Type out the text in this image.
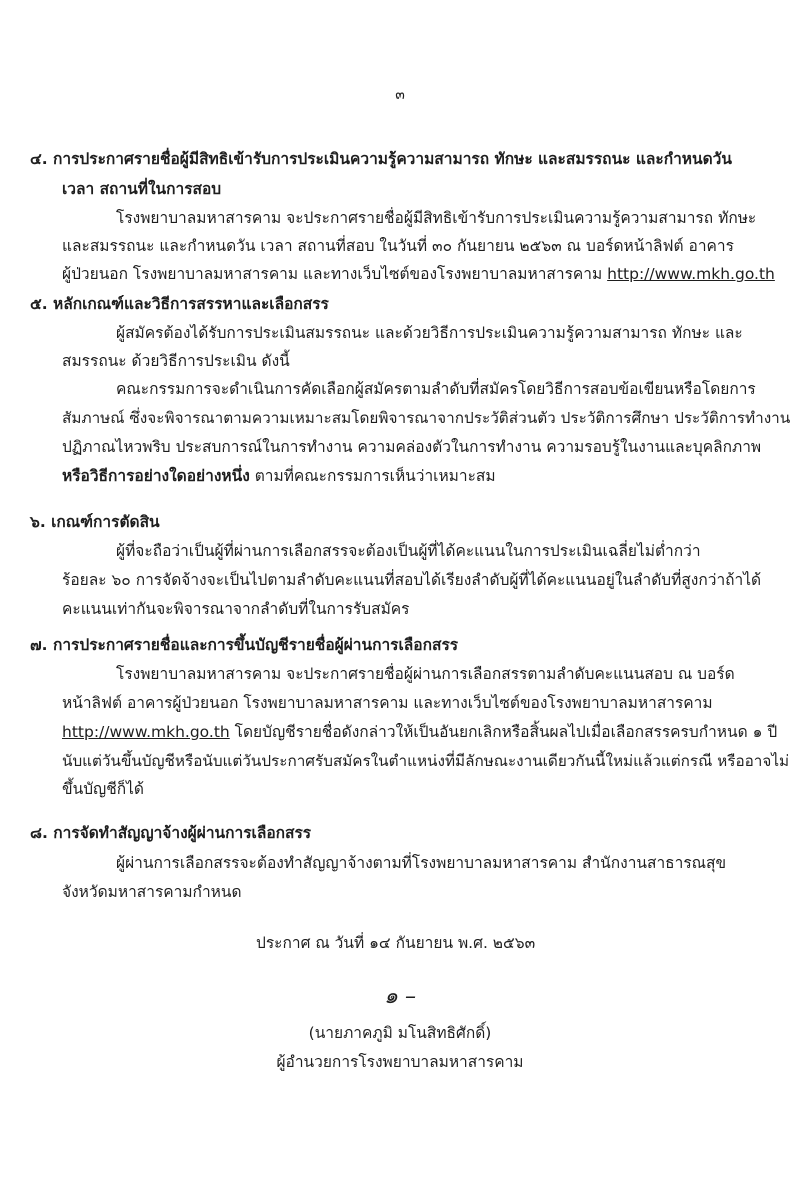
๓
๔. การประกาศรายชื่อผู้มีสิทธิเข้ารับการประเมินความรู้ความสามารถ ทักษะ และสมรรถนะ และกำหนดวัน
เวลา สถานที่ในการสอบ
โรงพยาบาลมหาสารคาม จะประกาศรายชื่อผู้มีสิทธิเข้ารับการประเมินความรู้ความสามารถ ทักษะ
และสมรรถนะ และกำหนดวัน เวลา สถานที่สอบ ในวันที่ ๓๐ กันยายน ๒๕๖๓ ณ บอร์ดหน้าลิฟต์ อาคาร
ผู้ป่วยนอก โรงพยาบาลมหาสารคาม และทางเว็บไซต์ของโรงพยาบาลมหาสารคาม http://www.mkh.go.th
๕. หลักเกณฑ์และวิธีการสรรหาและเลือกสรร
ผู้สมัครต้องได้รับการประเมินสมรรถนะ และด้วยวิธีการประเมินความรู้ความสามารถ ทักษะ และ
สมรรถนะ ด้วยวิธีการประเมิน ดังนี้
คณะกรรมการจะดำเนินการคัดเลือกผู้สมัครตามลำดับที่สมัครโดยวิธีการสอบข้อเขียนหรือโดยการ
สัมภาษณ์ ซึ่งจะพิจารณาตามความเหมาะสมโดยพิจารณาจากประวัติส่วนตัว ประวัติการศึกษา ประวัติการทำงาน
ปฏิภาณไหวพริบ ประสบการณ์ในการทำงาน ความคล่องตัวในการทำงาน ความรอบรู้ในงานและบุคลิกภาพ
หรือวิธีการอย่างใดอย่างหนึ่ง ตามที่คณะกรรมการเห็นว่าเหมาะสม
๖. เกณฑ์การตัดสิน
ผู้ที่จะถือว่าเป็นผู้ที่ผ่านการเลือกสรรจะต้องเป็นผู้ที่ได้คะแนนในการประเมินเฉลี่ยไม่ต่ำกว่า
ร้อยละ ๖๐ การจัดจ้างจะเป็นไปตามลำดับคะแนนที่สอบได้เรียงลำดับผู้ที่ได้คะแนนอยู่ในลำดับที่สูงกว่าถ้าได้
คะแนนเท่ากันจะพิจารณาจากลำดับที่ในการรับสมัคร
๗. การประกาศรายชื่อและการขึ้นบัญชีรายชื่อผู้ผ่านการเลือกสรร
โรงพยาบาลมหาสารคาม จะประกาศรายชื่อผู้ผ่านการเลือกสรรตามลำดับคะแนนสอบ ณ บอร์ด
หน้าลิฟต์ อาคารผู้ป่วยนอก โรงพยาบาลมหาสารคาม และทางเว็บไซต์ของโรงพยาบาลมหาสารคาม
http://www.mkh.go.th โดยบัญชีรายชื่อดังกล่าวให้เป็นอันยกเลิกหรือสิ้นผลไปเมื่อเลือกสรรครบกำหนด ๑ ปี
นับแต่วันขึ้นบัญชีหรือนับแต่วันประกาศรับสมัครในตำแหน่งที่มีลักษณะงานเดียวกันนี้ใหม่แล้วแต่กรณี หรืออาจไม่
ขึ้นบัญชีก็ได้
๘. การจัดทำสัญญาจ้างผู้ผ่านการเลือกสรร
ผู้ผ่านการเลือกสรรจะต้องทำสัญญาจ้างตามที่โรงพยาบาลมหาสารคาม สำนักงานสาธารณสุข
จังหวัดมหาสารคามกำหนด
ประกาศ ณ วันที่ ๑๔ กันยายน พ.ศ. ๒๕๖๓
๑ –
(นายภาคภูมิ มโนสิทธิศักดิ์)
ผู้อำนวยการโรงพยาบาลมหาสารคาม
